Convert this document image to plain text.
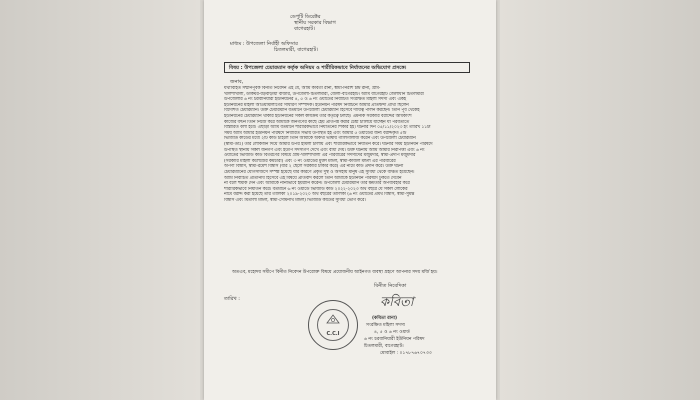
ডেপুটি ডিরেক্টর
স্থানীয় সরকার বিভাগ
বাগেরহাট।
মাধ্যম : উপজেলা নির্বাহী অফিসার
চিতলমারী, বাগেরহাট।
বিষয় : উপজেলা চেয়ারম্যান কর্তৃক অনিয়ম ও শারীরিকভাবে নির্যাতনের অভিযোগ প্রসঙ্গে।
জনাব,
যথাবিহিত সম্মানপূর্বক বিনীত নিবেদন এই যে, আমি কবিতা রানা, স্বামী-নিরীশ চন্দ্র রানা, গ্রাম-
খলিশাখালী, ডাকঘর-বড়বাড়ীয়া বাজার, উপজেলা-চিতলমারী, জেলা-বাগেরহাট। আমি বাগেরহাট জেলাধীন চিতলমারী
উপজেলার ৬ নং চরবানিয়ারী ইউনিয়নের ৪, ৫ ও ৬ নং ওয়ার্ডের নির্বাচিত সংরক্ষিত মহিলা সদস্য এবং একই
ইউনিয়নের মহিলা আওয়ামীলীগের সাধারণ সম্পাদক। ইউনিয়ন পরিষদ নির্বাচনে আমার প্রতিদ্বন্দী প্রার্থী ছিলেন
বিদেশিত চেয়ারম্যান। উক্ত চেয়ারম্যান বর্তমানে উপজেলা চেয়ারম্যান হিসেবে দায়িত্ব পালন করছেন। তিনি পূর্ব থেকেই
ইউনিয়নের চেয়ারম্যান থাকার ইউনিয়নের সকল কার্যক্রম তার কর্তৃত্বে চলছে। এমনকি সরকারি বরাদ্দের অধিকাংশ
কাজের বন্টন তিনি নিজে করে আমাকে জনগণের কাছে হেয় প্রতিপন্ন করার চেষ্টা চালিয়ে যাচ্ছেন যা পরবর্তীতে
বিস্তারিত বলা হবে। এছাড়া আমি বর্তমানে শারীরিকভাবে নির্যাতনের শিকার হই। ঘটনার দিন ০৫/১১/২০২৩ ইং তারিখ ১১টা
সময় আমি আমার ইউনিয়ন পরিষদে নির্ধারিত সভায় উপস্থিত হই এবং আমার ৫ ওয়ার্ডের জন্য বরাদ্দকৃত ৫টি
ভিজিডি কার্ডের মধ্যে ২টি কার্ড চাইলে তিনি আমাকে অকথ্য ভাষায় গালিগালাজ করেন এবং উপজেলা চেয়ারম্যান
(স্বামী-ডাঃ) তার লোকজন দিয়ে আমার উপর হামলা চালায় এবং শারীরিকভাবে নির্যাতন করে। ঘটনার সময় ইউনিয়ন পরিষদে
উপস্থিত স্থানীয় সকল জনগণ এবং ইউপি সদস্যগণ দেখে এবং বাধা দেয়। উক্ত ঘটনায় আমি আমার নিরাপত্তা এবং ৬ নং
ওয়ার্ডের ভিজিডি কার্ড বিতরণের বিষয়ে গ্রাম-খলিশাখালী এর পরিবারের সদস্যদের মজুমদার, স্বামী-প্রদীপ মজুমদার
(সরকারি মহিলা কলেজের কর্মচারী) এবং ৩ নং ওয়ার্ডের মুক্তা মন্ডল, স্বামী-কাজল মন্ডল এর পরিবারের
অপর্ণা বিশ্বাস, স্বামী-রমেশ বিশ্বাস (যার ২ ছেলে সরকারি চাকরি করে) এর নামে কার্ড প্রদান করে। উক্ত ঘটনা
চেয়ারম্যানের যোগসাজসে সম্পন্ন হয়েছে যার কারণে প্রকৃত দুস্থ ও অসহায় মানুষ এই সুবিধা থেকে বঞ্চিত হয়েছেন।
আমি নির্বাচিত প্রতিনিধি হিসেবে এই বিষয়ে প্রতিবাদ করলে তিনি আমাকে ইউনিয়ন পরিষদে ঢুকতে দেবেন
না বলে হুমকি দেন এবং আমাকে নানাভাবে হয়রানি করেন। উপজেলা চেয়ারম্যান তার ক্ষমতার অপব্যবহার করে
শারীরিকভাবে নির্যাতন করে। বর্তমানে ৬ নং ওয়ার্ডে ভিজিডি কার্ড ২০২২-২০২৩ অর্থ বছরে যে সকল লোকের
নামে বরাদ্দ করা হয়েছে তার তালিকা ২০১৯-২০২০ অর্থ বছরের তালিকা (৬ নং ওয়ার্ডের প্রমথ বিশ্বাস, স্বামী-সুমন্ত
বিশ্বাস এবং মিতালী মন্ডল, স্বামী-সোমনাথ মন্ডল) ভিজিডি কার্ডের সুবিধা ভোগ করে।
অতএব, মহোদয় সমীপে বিনীত নিবেদন উপরোক্ত বিষয়ে প্রয়োজনীয় আইনগত ব্যবস্থা গ্রহণে আপনার সদয় মর্জি হয়।
তারিখ :
C.C.I
বিনীত নিবেদিকা
কবিতা
(কবিতা রানা)
সংরক্ষিত মহিলা সদস্য
৪, ৫ ও ৬ নং ওয়ার্ড
৬ নং চরবানিয়ারী ইউনিয়ন পরিষদ
চিতলমারী, বাগেরহাট।
মোবাইল : ০১৭৮৭৬৭০৭৩৩
